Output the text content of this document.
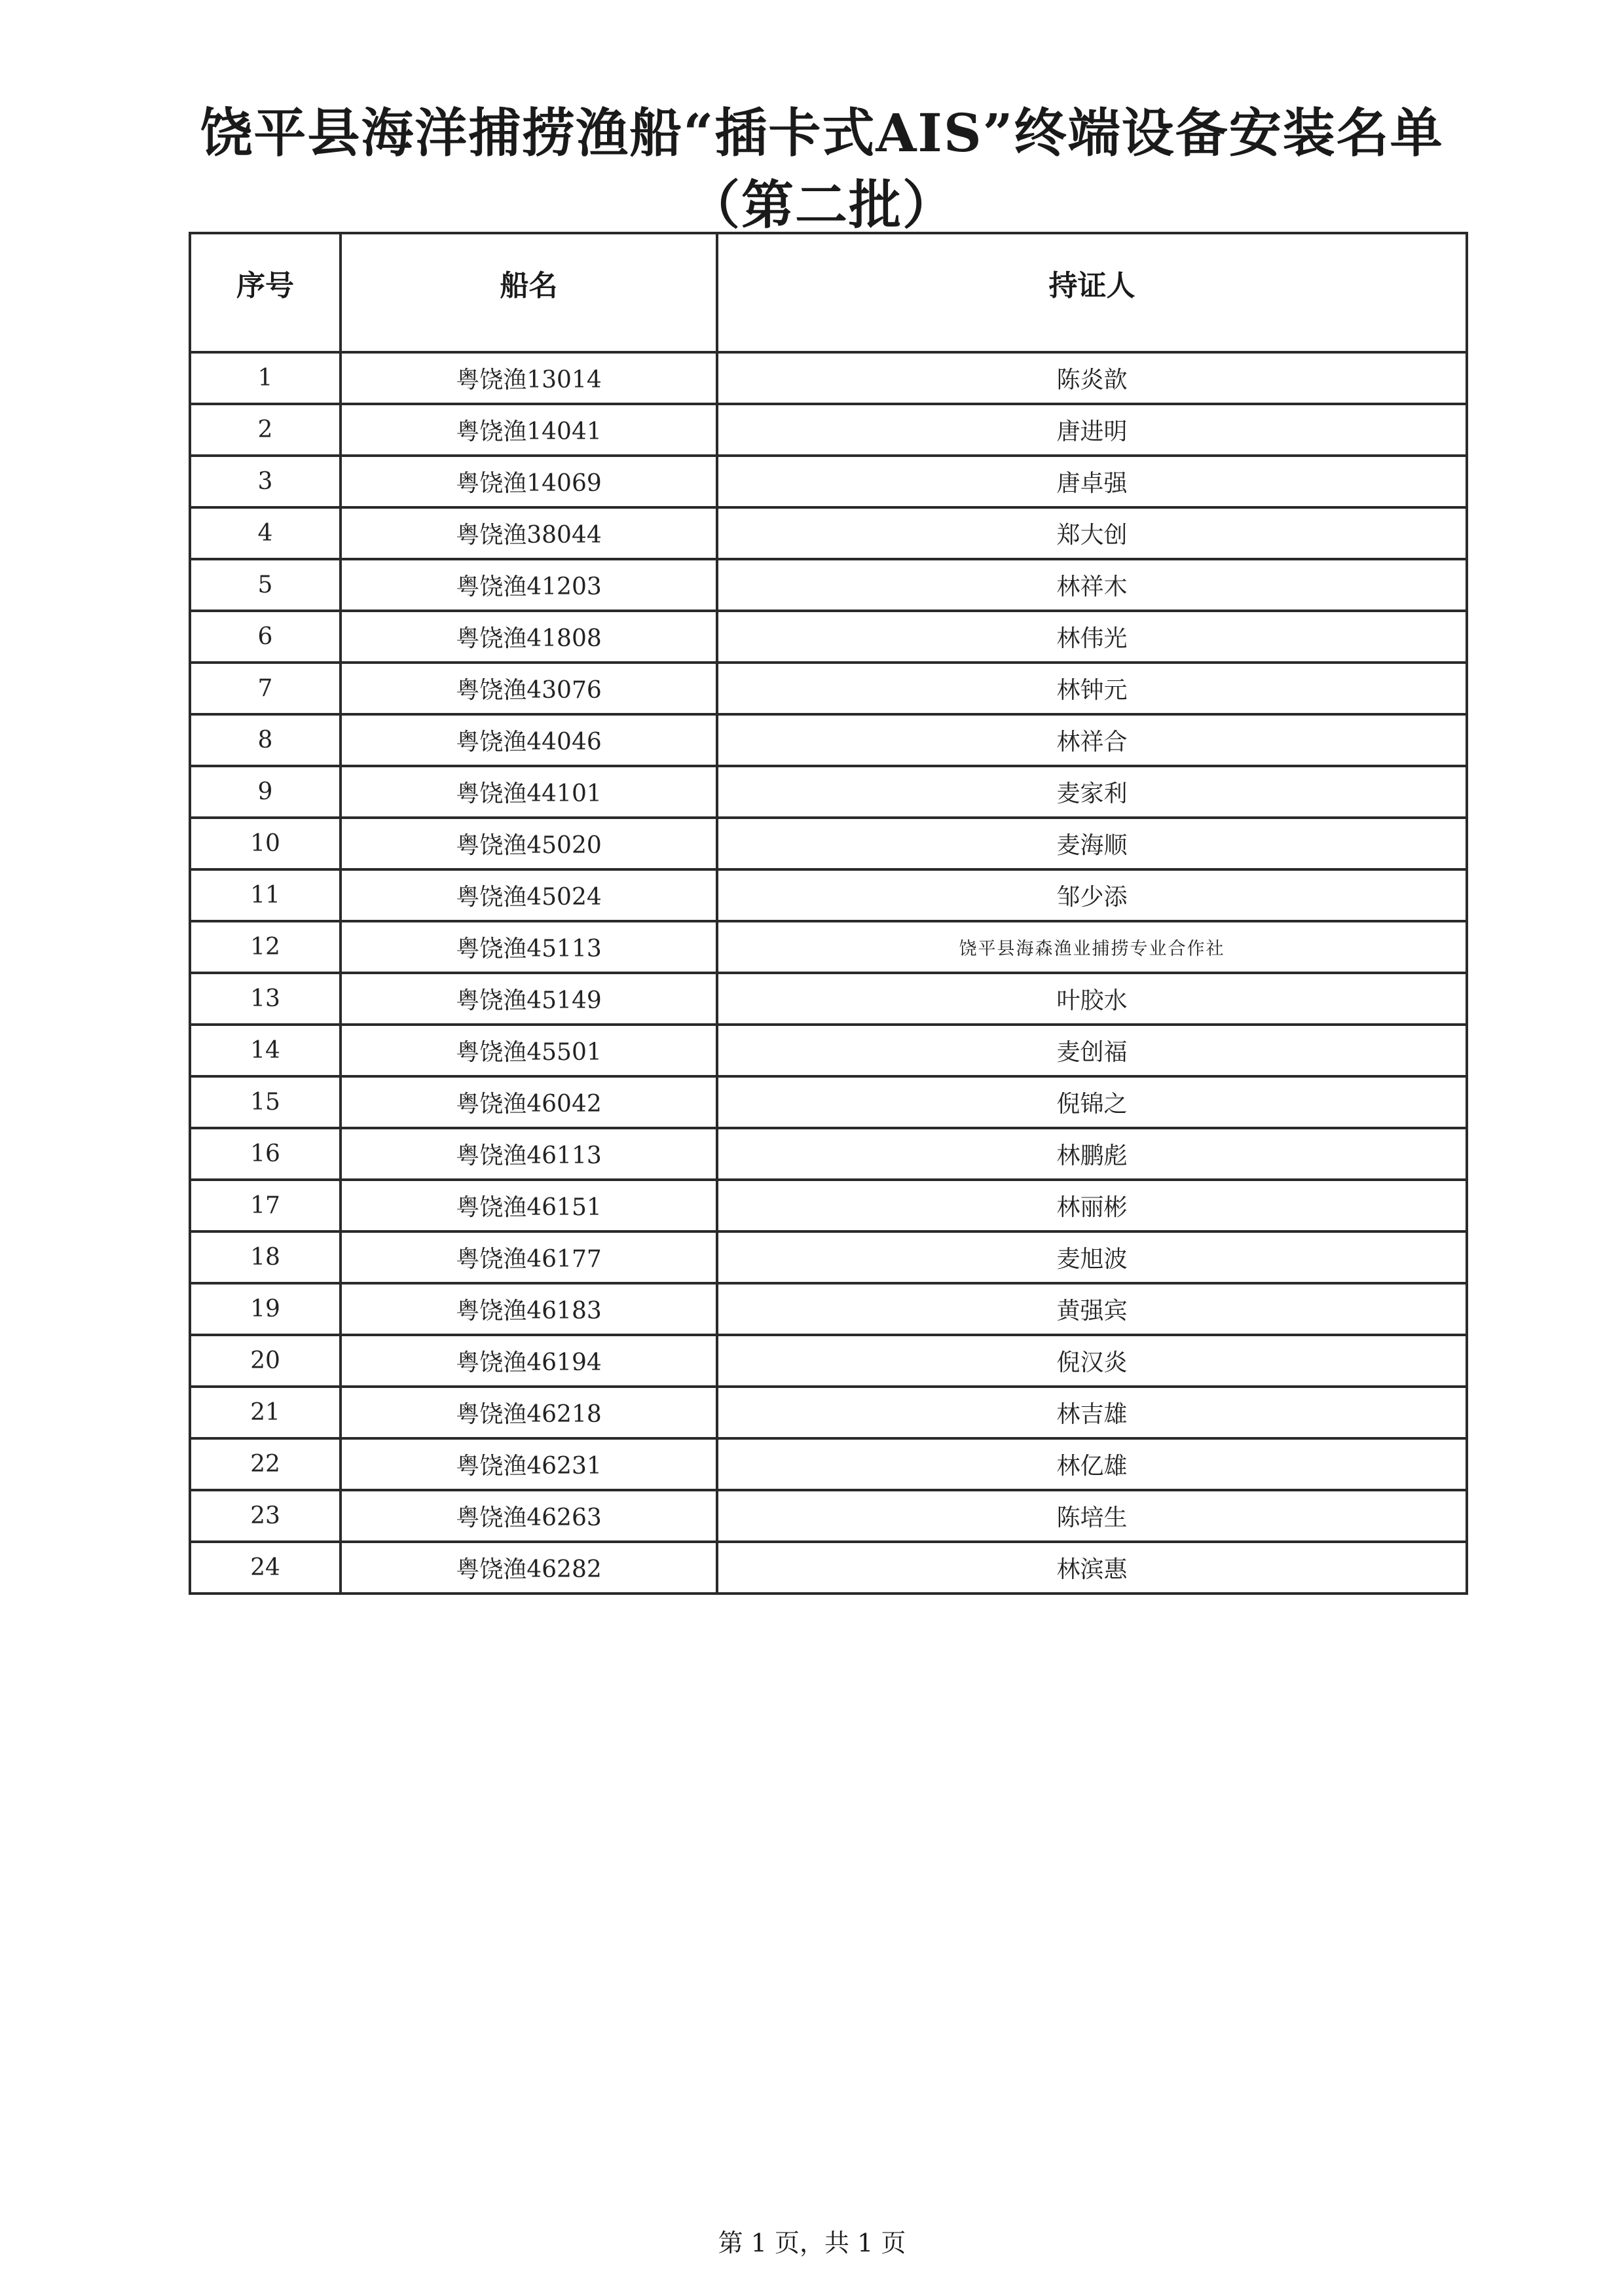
饶平县海洋捕捞渔船“插卡式AIS”终端设备安装名单（第二批）
序号	船名	持证人
1	粤饶渔13014	陈炎歆
2	粤饶渔14041	唐进明
3	粤饶渔14069	唐卓强
4	粤饶渔38044	郑大创
5	粤饶渔41203	林祥木
6	粤饶渔41808	林伟光
7	粤饶渔43076	林钟元
8	粤饶渔44046	林祥合
9	粤饶渔44101	麦家利
10	粤饶渔45020	麦海顺
11	粤饶渔45024	邹少添
12	粤饶渔45113	饶平县海森渔业捕捞专业合作社
13	粤饶渔45149	叶胶水
14	粤饶渔45501	麦创福
15	粤饶渔46042	倪锦之
16	粤饶渔46113	林鹏彪
17	粤饶渔46151	林丽彬
18	粤饶渔46177	麦旭波
19	粤饶渔46183	黄强宾
20	粤饶渔46194	倪汉炎
21	粤饶渔46218	林吉雄
22	粤饶渔46231	林亿雄
23	粤饶渔46263	陈培生
24	粤饶渔46282	林滨惠
第 1 页，共 1 页
